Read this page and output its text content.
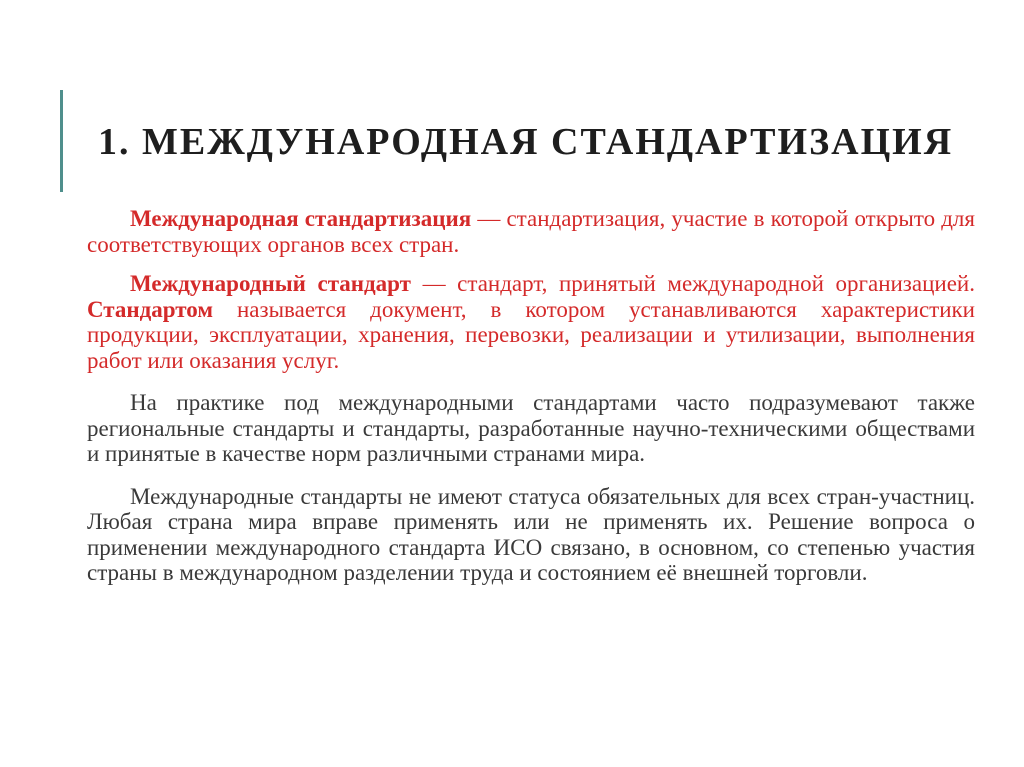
1. МЕЖДУНАРОДНАЯ СТАНДАРТИЗАЦИЯ

Международная стандартизация — стандартизация, участие в которой открыто для соответствующих органов всех стран.

Международный стандарт — стандарт, принятый международной организацией. Стандартом называется документ, в котором устанавливаются характеристики продукции, эксплуатации, хранения, перевозки, реализации и утилизации, выполнения работ или оказания услуг.

На практике под международными стандартами часто подразумевают также региональные стандарты и стандарты, разработанные научно-техническими обществами и принятые в качестве норм различными странами мира.

Международные стандарты не имеют статуса обязательных для всех стран-участниц. Любая страна мира вправе применять или не применять их. Решение вопроса о применении международного стандарта ИСО связано, в основном, со степенью участия страны в международном разделении труда и состоянием её внешней торговли.
